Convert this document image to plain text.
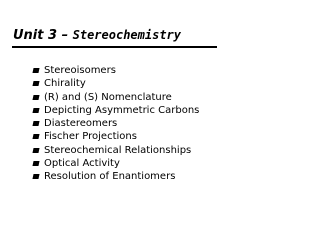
Unit 3 – Stereochemistry
Stereoisomers
Chirality
(R) and (S) Nomenclature
Depicting Asymmetric Carbons
Diastereomers
Fischer Projections
Stereochemical Relationships
Optical Activity
Resolution of Enantiomers
